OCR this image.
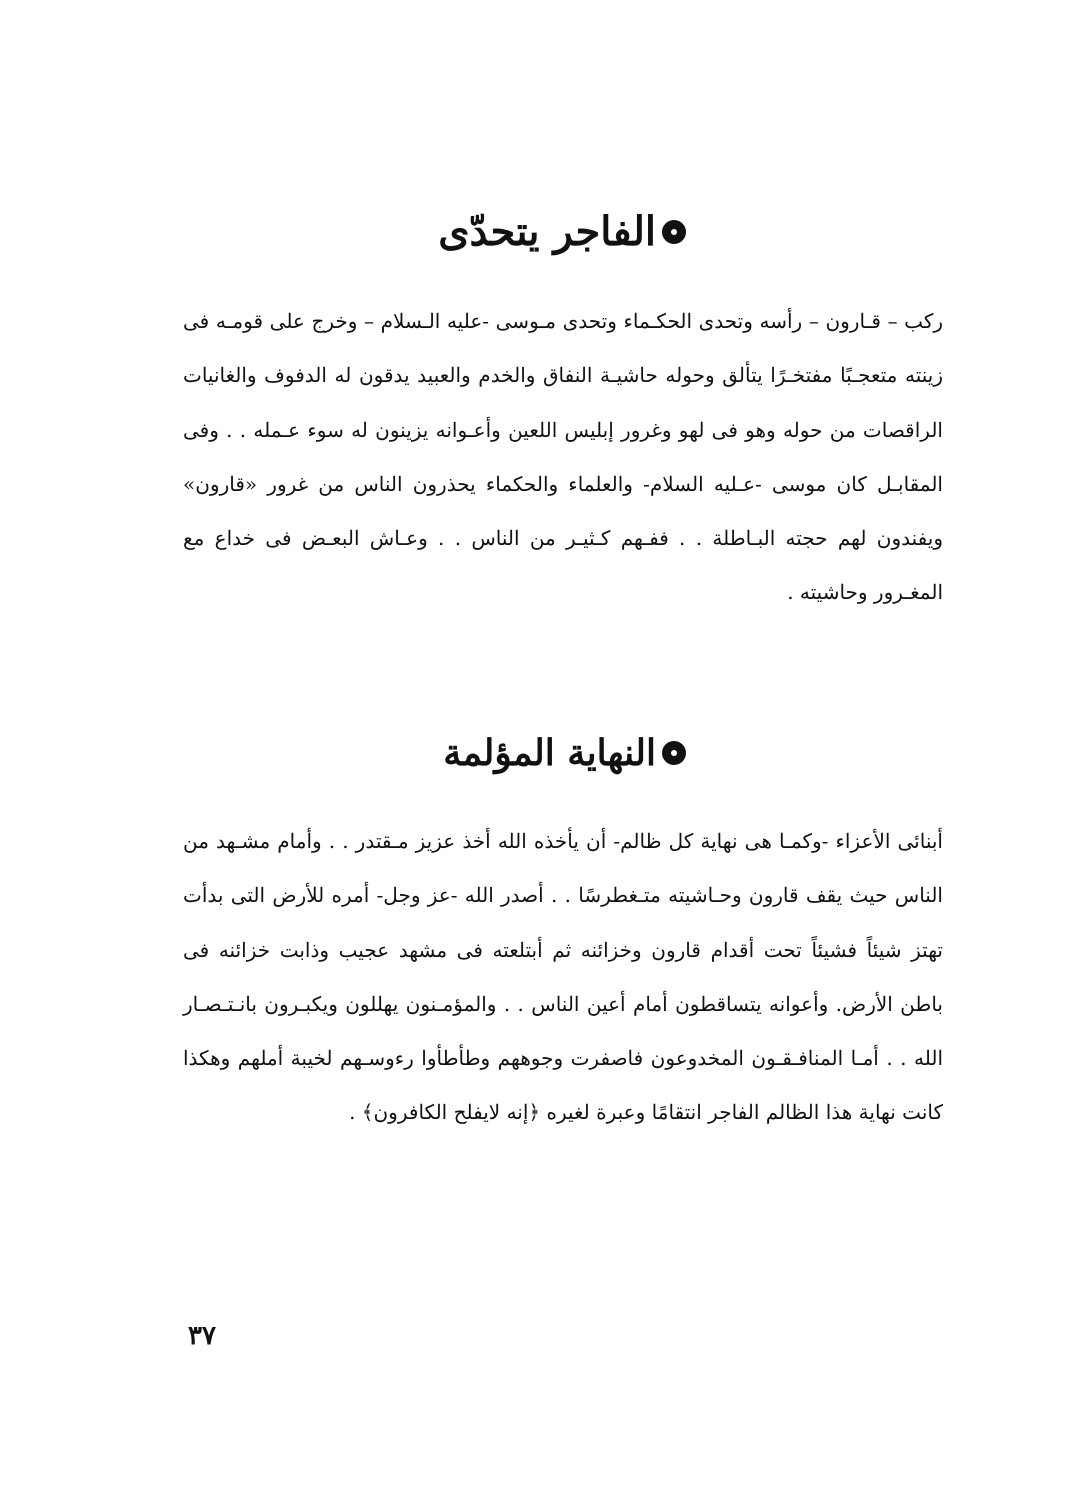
الفاجر يتحدّى
ركب – قـارون – رأسه وتحدى الحكـماء وتحدى مـوسى -عليه الـسلام – وخرج على قومـه فى زينته متعجـبًا مفتخـرًا يتألق وحوله حاشيـة النفاق والخدم والعبيد يدقون له الدفوف والغانيات الراقصات من حوله وهو فى لهو وغرور إبليس اللعين وأعـوانه يزينون له سوء عـمله . . وفى المقابـل كان موسى -عـليه السلام- والعلماء والحكماء يحذرون الناس من غرور «قارون» ويفندون لهم حجته البـاطلة . . ففـهم كـثيـر من الناس . . وعـاش البعـض فى خداع مع المغـرور وحاشيته .
النهاية المؤلمة
أبنائى الأعزاء -وكمـا هى نهاية كل ظالم- أن يأخذه الله أخذ عزيز مـقتدر . . وأمام مشـهد من الناس حيث يقف قارون وحـاشيته متـغطرسًا . . أصدر الله -عز وجل- أمره للأرض التى بدأت تهتز شيئاً فشيئاً تحت أقدام قارون وخزائنه ثم أبتلعته فى مشهد عجيب وذابت خزائنه فى باطن الأرض. وأعوانه يتساقطون أمام أعين الناس . . والمؤمـنون يهللون ويكبـرون بانـتـصـار الله . . أمـا المنافـقـون المخدوعون فاصفرت وجوههم وطأطأوا رءوسـهم لخيبة أملهم وهكذا كانت نهاية هذا الظالم الفاجر انتقامًا وعبرة لغيره ﴿إنه لايفلح الكافرون﴾ .
٣٧
